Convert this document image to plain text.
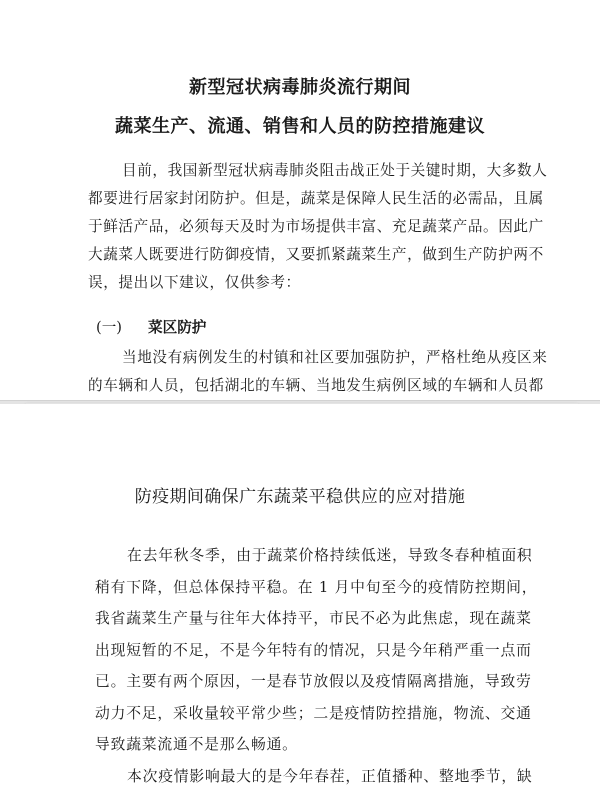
新型冠状病毒肺炎流行期间
蔬菜生产、流通、销售和人员的防控措施建议

目前，我国新型冠状病毒肺炎阻击战正处于关键时期，大多数人
都要进行居家封闭防护。但是，蔬菜是保障人民生活的必需品，且属
于鲜活产品，必须每天及时为市场提供丰富、充足蔬菜产品。因此广
大蔬菜人既要进行防御疫情，又要抓紧蔬菜生产，做到生产防护两不
误，提出以下建议，仅供参考：

(一) 菜区防护

当地没有病例发生的村镇和社区要加强防护，严格杜绝从疫区来
的车辆和人员，包括湖北的车辆、当地发生病例区域的车辆和人员都

防疫期间确保广东蔬菜平稳供应的应对措施

在去年秋冬季，由于蔬菜价格持续低迷，导致冬春种植面积
稍有下降，但总体保持平稳。在 1 月中旬至今的疫情防控期间，
我省蔬菜生产量与往年大体持平，市民不必为此焦虑，现在蔬菜
出现短暂的不足，不是今年特有的情况，只是今年稍严重一点而
已。主要有两个原因，一是春节放假以及疫情隔离措施，导致劳
动力不足，采收量较平常少些；二是疫情防控措施，物流、交通
导致蔬菜流通不是那么畅通。
本次疫情影响最大的是今年春茬，正值播种、整地季节，缺
